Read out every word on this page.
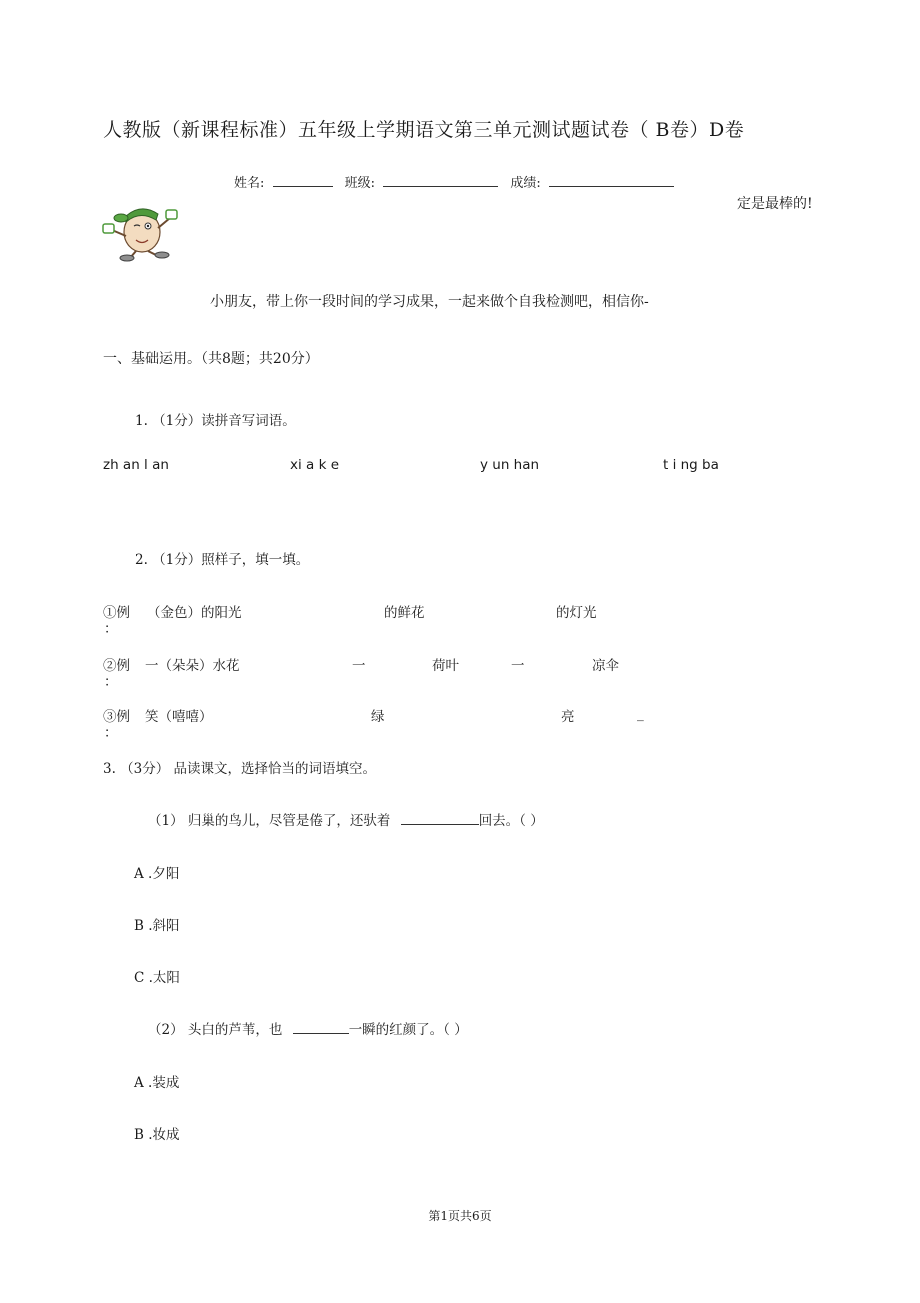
人教版（新课程标准）五年级上学期语文第三单元测试题试卷（ B卷）D卷
姓名:	班级:	成绩:
定是最棒的!
小朋友，带上你一段时间的学习成果，一起来做个自我检测吧，相信你-
一、基础运用。（共8题；共20分）
1. （1分）读拼音写词语。
zh an l an	xi a k e	y un han	t i ng ba
2. （1分）照样子，填一填。
①例
：
（金色）的阳光	的鲜花	的灯光
②例
：
一（朵朵）水花	一	荷叶	一	凉伞
③例
：
笑（嘻嘻）	绿	亮	_
3. （3分） 品读课文，选择恰当的词语填空。
（1） 归巢的鸟儿，尽管是倦了，还驮着	回去。（ ）
A .夕阳
B .斜阳
C .太阳
（2） 头白的芦苇，也	一瞬的红颜了。（ ）
A .装成
B .妆成
第1页共6页
